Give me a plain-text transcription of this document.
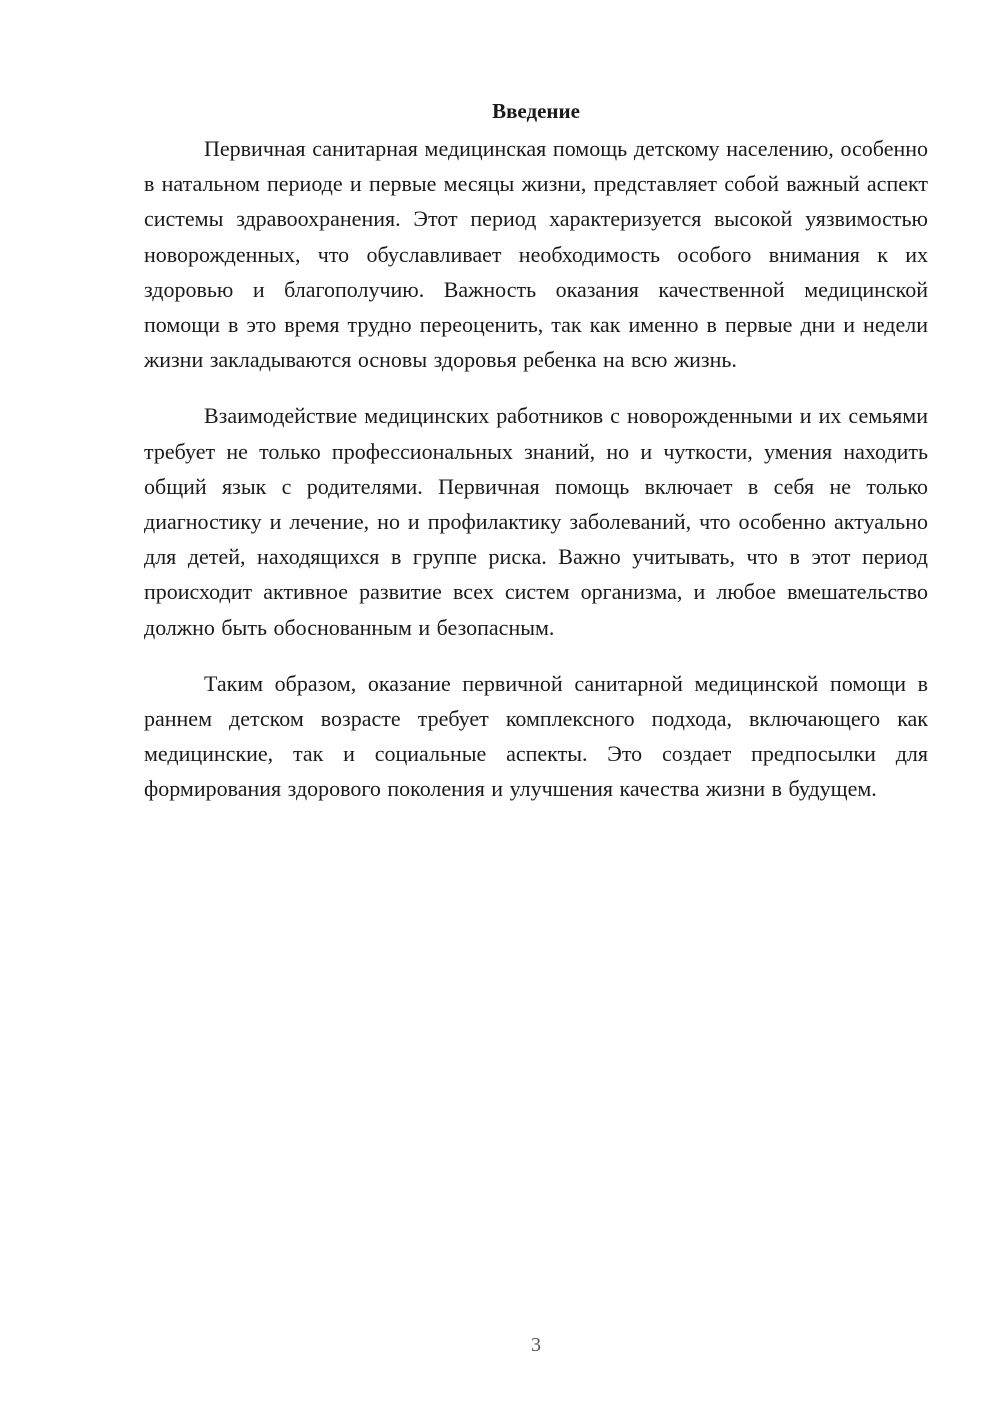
Введение

Первичная санитарная медицинская помощь детскому населению, особенно в натальном периоде и первые месяцы жизни, представляет собой важный аспект системы здравоохранения. Этот период характеризуется высокой уязвимостью новорожденных, что обуславливает необходимость особого внимания к их здоровью и благополучию. Важность оказания качественной медицинской помощи в это время трудно переоценить, так как именно в первые дни и недели жизни закладываются основы здоровья ребенка на всю жизнь.

Взаимодействие медицинских работников с новорожденными и их семьями требует не только профессиональных знаний, но и чуткости, умения находить общий язык с родителями. Первичная помощь включает в себя не только диагностику и лечение, но и профилактику заболеваний, что особенно актуально для детей, находящихся в группе риска. Важно учитывать, что в этот период происходит активное развитие всех систем организма, и любое вмешательство должно быть обоснованным и безопасным.

Таким образом, оказание первичной санитарной медицинской помощи в раннем детском возрасте требует комплексного подхода, включающего как медицинские, так и социальные аспекты. Это создает предпосылки для формирования здорового поколения и улучшения качества жизни в будущем.

3
